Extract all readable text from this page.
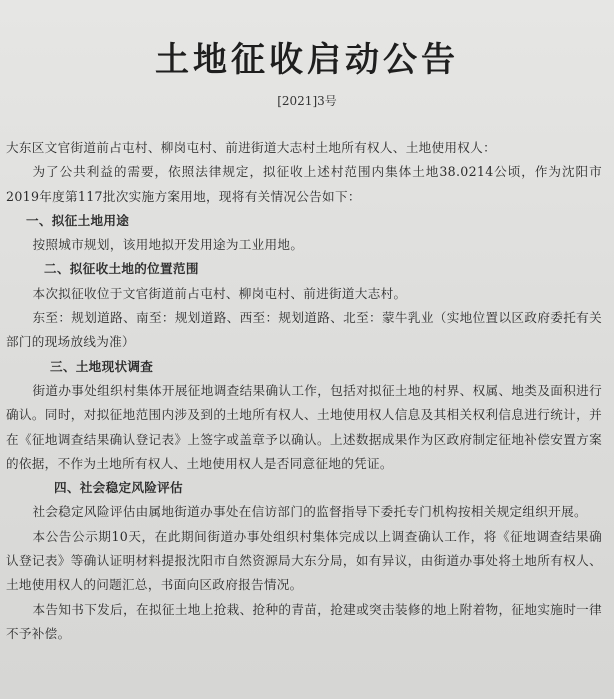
土地征收启动公告
[2021]3号

大东区文官街道前占屯村、柳岗屯村、前进街道大志村土地所有权人、土地使用权人：

为了公共利益的需要，依照法律规定，拟征收上述村范围内集体土地38.0214公顷，作为沈阳市2019年度第117批次实施方案用地，现将有关情况公告如下：

一、拟征土地用途

按照城市规划，该用地拟开发用途为工业用地。

二、拟征收土地的位置范围

本次拟征收位于文官街道前占屯村、柳岗屯村、前进街道大志村。

东至：规划道路、南至：规划道路、西至：规划道路、北至：蒙牛乳业（实地位置以区政府委托有关部门的现场放线为准）

三、土地现状调查

街道办事处组织村集体开展征地调查结果确认工作，包括对拟征土地的村界、权属、地类及面积进行确认。同时，对拟征地范围内涉及到的土地所有权人、土地使用权人信息及其相关权利信息进行统计，并在《征地调查结果确认登记表》上签字或盖章予以确认。上述数据成果作为区政府制定征地补偿安置方案的依据，不作为土地所有权人、土地使用权人是否同意征地的凭证。

四、社会稳定风险评估

社会稳定风险评估由属地街道办事处在信访部门的监督指导下委托专门机构按相关规定组织开展。

本公告公示期10天，在此期间街道办事处组织村集体完成以上调查确认工作，将《征地调查结果确认登记表》等确认证明材料提报沈阳市自然资源局大东分局，如有异议，由街道办事处将土地所有权人、土地使用权人的问题汇总，书面向区政府报告情况。

本告知书下发后，在拟征土地上抢栽、抢种的青苗，抢建或突击装修的地上附着物，征地实施时一律不予补偿。
